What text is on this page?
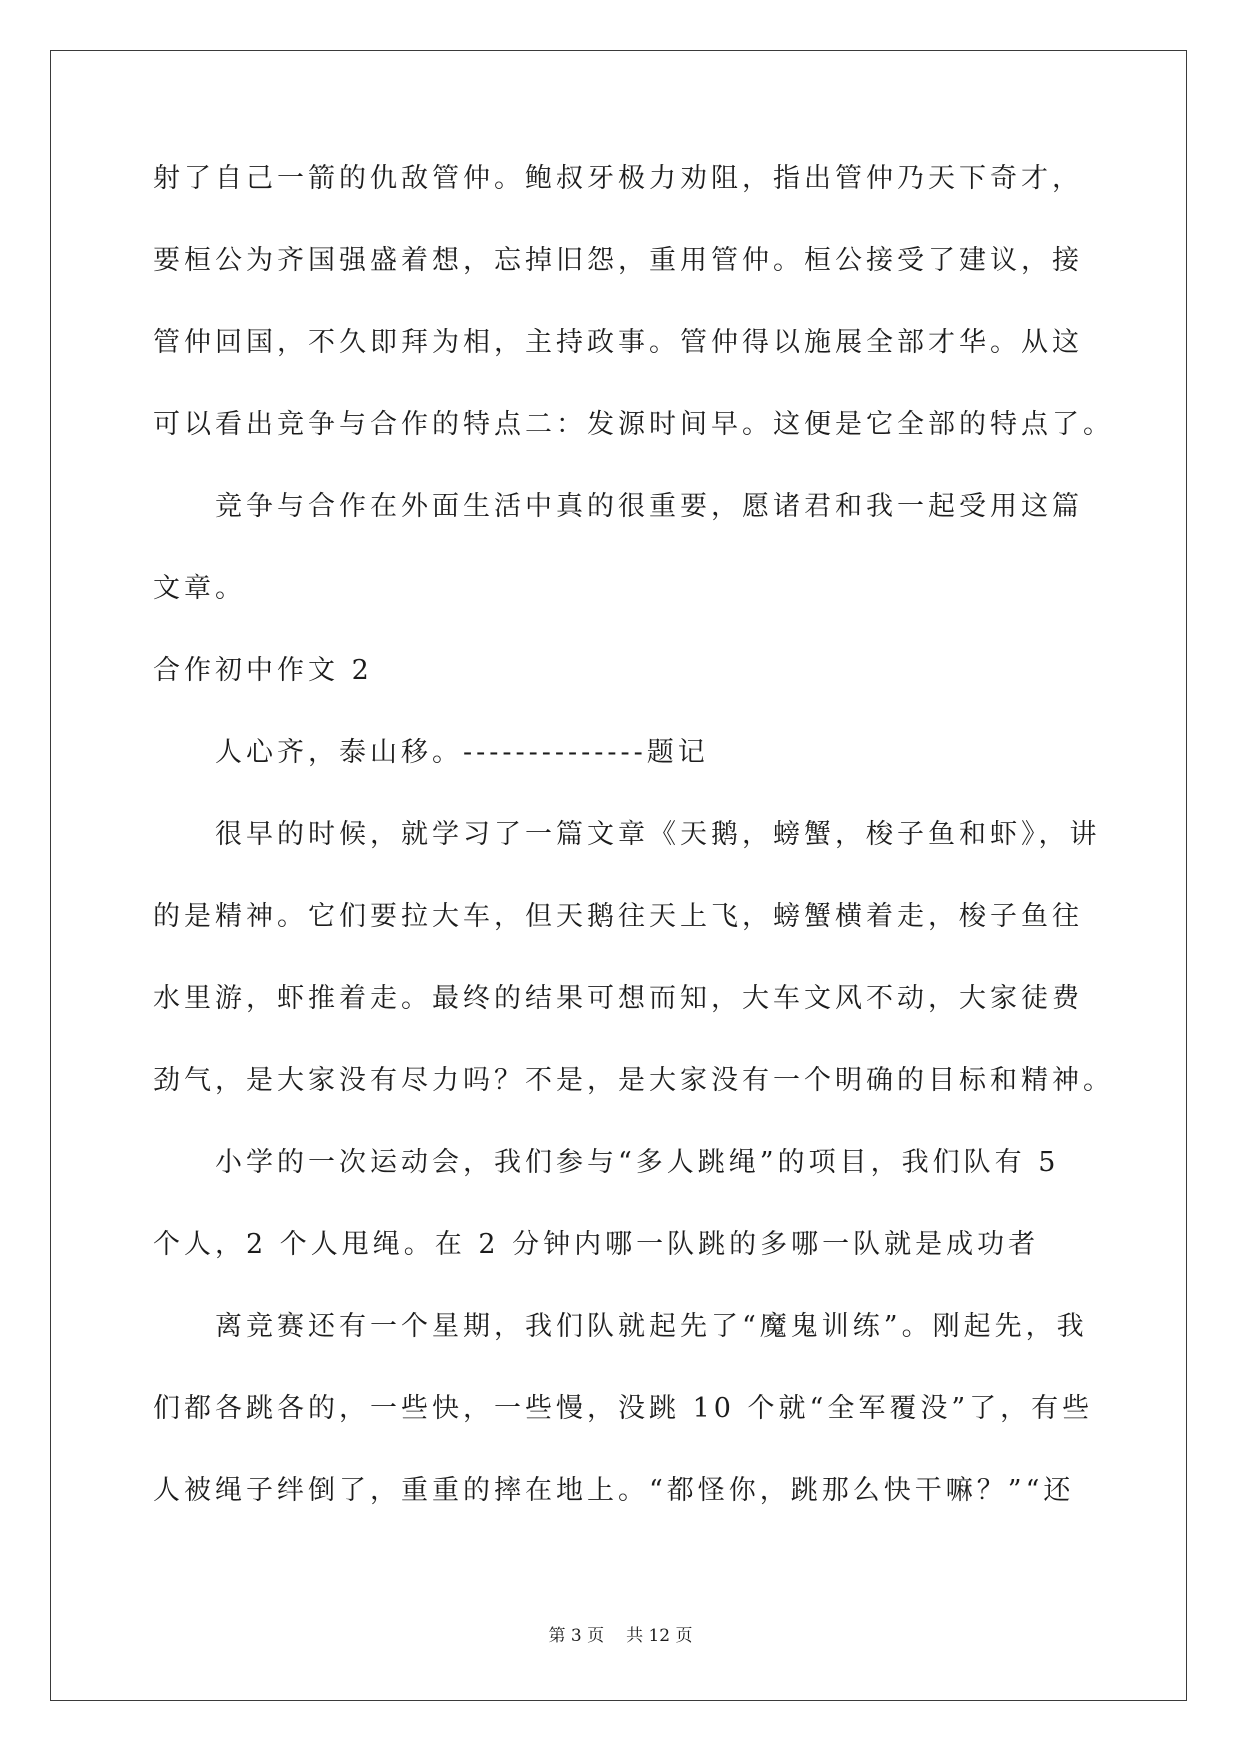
射了自己一箭的仇敌管仲。鲍叔牙极力劝阻，指出管仲乃天下奇才，
要桓公为齐国强盛着想，忘掉旧怨，重用管仲。桓公接受了建议，接
管仲回国，不久即拜为相，主持政事。管仲得以施展全部才华。从这
可以看出竞争与合作的特点二：发源时间早。这便是它全部的特点了。
竞争与合作在外面生活中真的很重要，愿诸君和我一起受用这篇
文章。
合作初中作文 2
人心齐，泰山移。--------------题记
很早的时候，就学习了一篇文章《天鹅，螃蟹，梭子鱼和虾》，讲
的是精神。它们要拉大车，但天鹅往天上飞，螃蟹横着走，梭子鱼往
水里游，虾推着走。最终的结果可想而知，大车文风不动，大家徒费
劲气，是大家没有尽力吗？不是，是大家没有一个明确的目标和精神。
小学的一次运动会，我们参与“多人跳绳”的项目，我们队有 5
个人，2 个人甩绳。在 2 分钟内哪一队跳的多哪一队就是成功者
离竞赛还有一个星期，我们队就起先了“魔鬼训练”。刚起先，我
们都各跳各的，一些快，一些慢，没跳 10 个就“全军覆没”了，有些
人被绳子绊倒了，重重的摔在地上。“都怪你，跳那么快干嘛？”“还
第 3 页 共 12 页
